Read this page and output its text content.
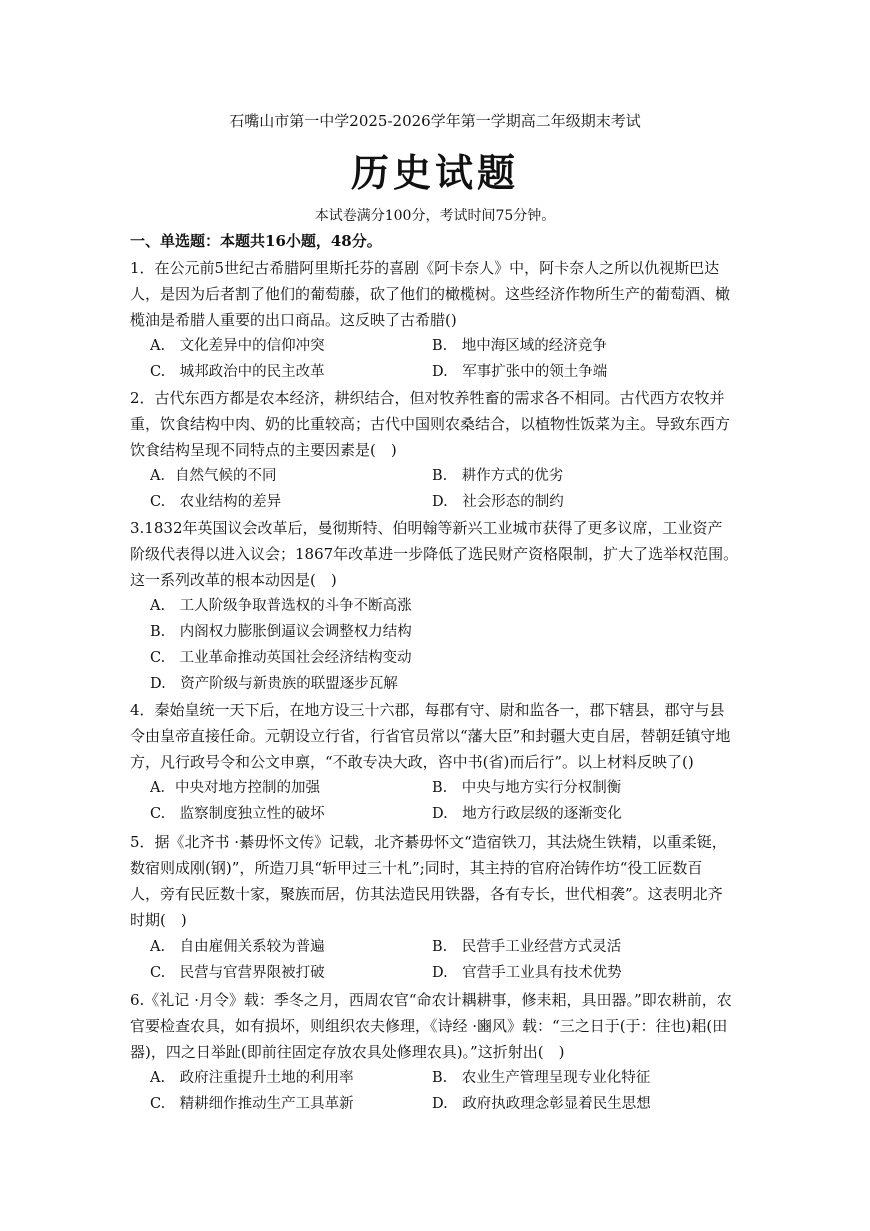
石嘴山市第一中学2025-2026学年第一学期高二年级期末考试
历史试题
本试卷满分100分，考试时间75分钟。
一、单选题：本题共16小题，48分。
1．在公元前5世纪古希腊阿里斯托芬的喜剧《阿卡奈人》中，阿卡奈人之所以仇视斯巴达
人，是因为后者割了他们的葡萄藤，砍了他们的橄榄树。这些经济作物所生产的葡萄酒、橄
榄油是希腊人重要的出口商品。这反映了古希腊()
A.　文化差异中的信仰冲突	B.　地中海区域的经济竞争
C.　城邦政治中的民主改革	D.　军事扩张中的领土争端
2．古代东西方都是农本经济，耕织结合，但对牧养牲畜的需求各不相同。古代西方农牧并
重，饮食结构中肉、奶的比重较高；古代中国则农桑结合，以植物性饭菜为主。导致东西方
饮食结构呈现不同特点的主要因素是(　)
A．自然气候的不同	B.　耕作方式的优劣
C.　农业结构的差异	D.　社会形态的制约
3.1832年英国议会改革后，曼彻斯特、伯明翰等新兴工业城市获得了更多议席，工业资产
阶级代表得以进入议会；1867年改革进一步降低了选民财产资格限制，扩大了选举权范围。
这一系列改革的根本动因是(　)
A.　工人阶级争取普选权的斗争不断高涨
B.　内阁权力膨胀倒逼议会调整权力结构
C.　工业革命推动英国社会经济结构变动
D.　资产阶级与新贵族的联盟逐步瓦解
4．秦始皇统一天下后，在地方设三十六郡，每郡有守、尉和监各一，郡下辖县，郡守与县
令由皇帝直接任命。元朝设立行省，行省官员常以“藩大臣”和封疆大吏自居，替朝廷镇守地
方，凡行政号令和公文申禀，“不敢专决大政，咨中书(省)而后行”。以上材料反映了()
A．中央对地方控制的加强	B.　中央与地方实行分权制衡
C.　监察制度独立性的破坏	D.　地方行政层级的逐渐变化
5．据《北齐书 ·綦毋怀文传》记载，北齐綦毋怀文“造宿铁刀，其法烧生铁精，以重柔铤，
数宿则成刚(钢)”，所造刀具“斩甲过三十札”;同时，其主持的官府冶铸作坊“役工匠数百
人，旁有民匠数十家，聚族而居，仿其法造民用铁器，各有专长，世代相袭”。这表明北齐
时期(　)
A.　自由雇佣关系较为普遍	B.　民营手工业经营方式灵活
C.　民营与官营界限被打破	D.　官营手工业具有技术优势
6.《礼记 ·月令》载：季冬之月，西周农官“命农计耦耕事，修耒耜，具田器。”即农耕前，农
官要检查农具，如有损坏，则组织农夫修理，《诗经 ·豳风》载：“三之日于(于：往也)耜(田
器)，四之日举趾(即前往固定存放农具处修理农具)。”这折射出(　)
A.　政府注重提升土地的利用率	B.　农业生产管理呈现专业化特征
C.　精耕细作推动生产工具革新	D.　政府执政理念彰显着民生思想
